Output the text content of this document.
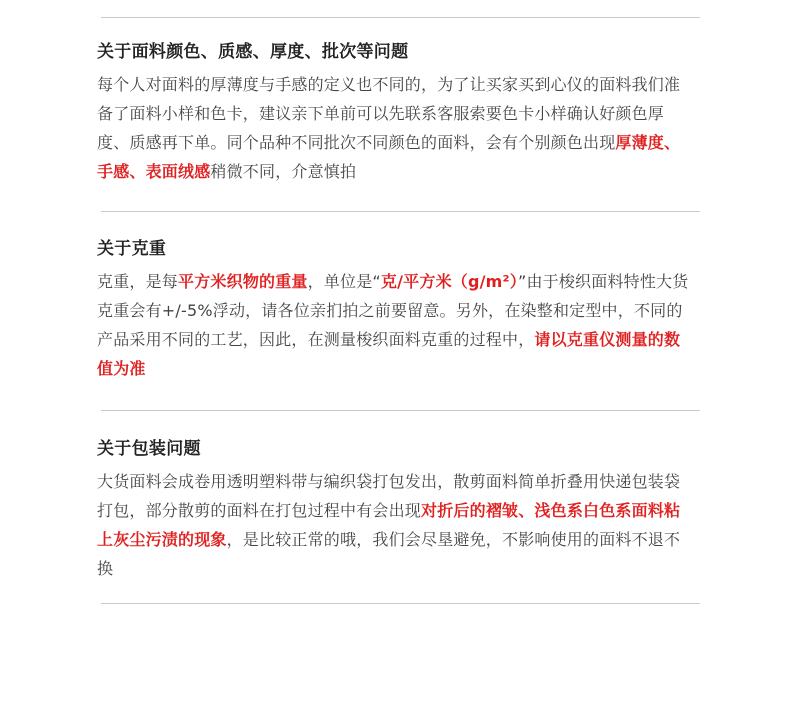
关于面料颜色、质感、厚度、批次等问题

每个人对面料的厚薄度与手感的定义也不同的，为了让买家买到心仪的面料我们准备了面料小样和色卡，建议亲下单前可以先联系客服索要色卡小样确认好颜色厚度、质感再下单。同个品种不同批次不同颜色的面料，会有个别颜色出现厚薄度、手感、表面绒感稍微不同，介意慎拍

关于克重

克重，是每平方米织物的重量，单位是“克/平方米（g/m²）”由于梭织面料特性大货克重会有+/-5%浮动，请各位亲扪拍之前要留意。另外，在染整和定型中，不同的产品采用不同的工艺，因此，在测量梭织面料克重的过程中，请以克重仪测量的数值为准

关于包装问题

大货面料会成卷用透明塑料带与编织袋打包发出，散剪面料简单折叠用快递包装袋打包，部分散剪的面料在打包过程中有会出现对折后的褶皱、浅色系白色系面料粘上灰尘污渍的现象，是比较正常的哦，我们会尽垦避免，不影响使用的面料不退不换
